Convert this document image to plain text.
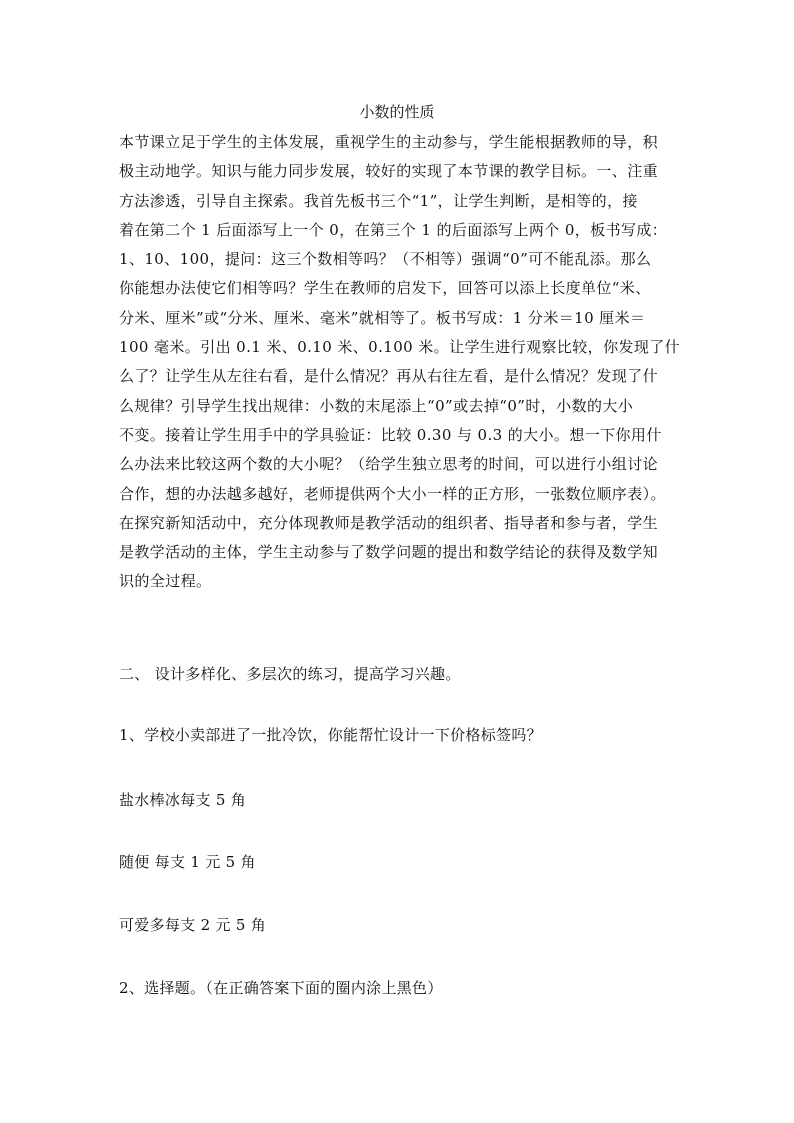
小数的性质
本节课立足于学生的主体发展，重视学生的主动参与，学生能根据教师的导，积
极主动地学。知识与能力同步发展，较好的实现了本节课的教学目标。一、注重
方法渗透，引导自主探索。我首先板书三个“1”，让学生判断，是相等的，接
着在第二个 1 后面添写上一个 0，在第三个 1 的后面添写上两个 0，板书写成：
1、10、100，提问：这三个数相等吗？（不相等）强调“0”可不能乱添。那么
你能想办法使它们相等吗？学生在教师的启发下，回答可以添上长度单位“米、
分米、厘米”或“分米、厘米、毫米”就相等了。板书写成：1 分米＝10 厘米＝
100 毫米。引出 0.1 米、0.10 米、0.100 米。让学生进行观察比较，你发现了什
么了？让学生从左往右看，是什么情况？再从右往左看，是什么情况？发现了什
么规律？引导学生找出规律：小数的末尾添上“0”或去掉“0”时，小数的大小
不变。接着让学生用手中的学具验证：比较 0.30 与 0.3 的大小。想一下你用什
么办法来比较这两个数的大小呢？（给学生独立思考的时间，可以进行小组讨论
合作，想的办法越多越好，老师提供两个大小一样的正方形，一张数位顺序表）。
在探究新知活动中，充分体现教师是教学活动的组织者、指导者和参与者，学生
是教学活动的主体，学生主动参与了数学问题的提出和数学结论的获得及数学知
识的全过程。
二、 设计多样化、多层次的练习，提高学习兴趣。
1、学校小卖部进了一批冷饮，你能帮忙设计一下价格标签吗？
盐水棒冰每支 5 角
随便 每支 1 元 5 角
可爱多每支 2 元 5 角
2、选择题。（在正确答案下面的圈内涂上黑色）
